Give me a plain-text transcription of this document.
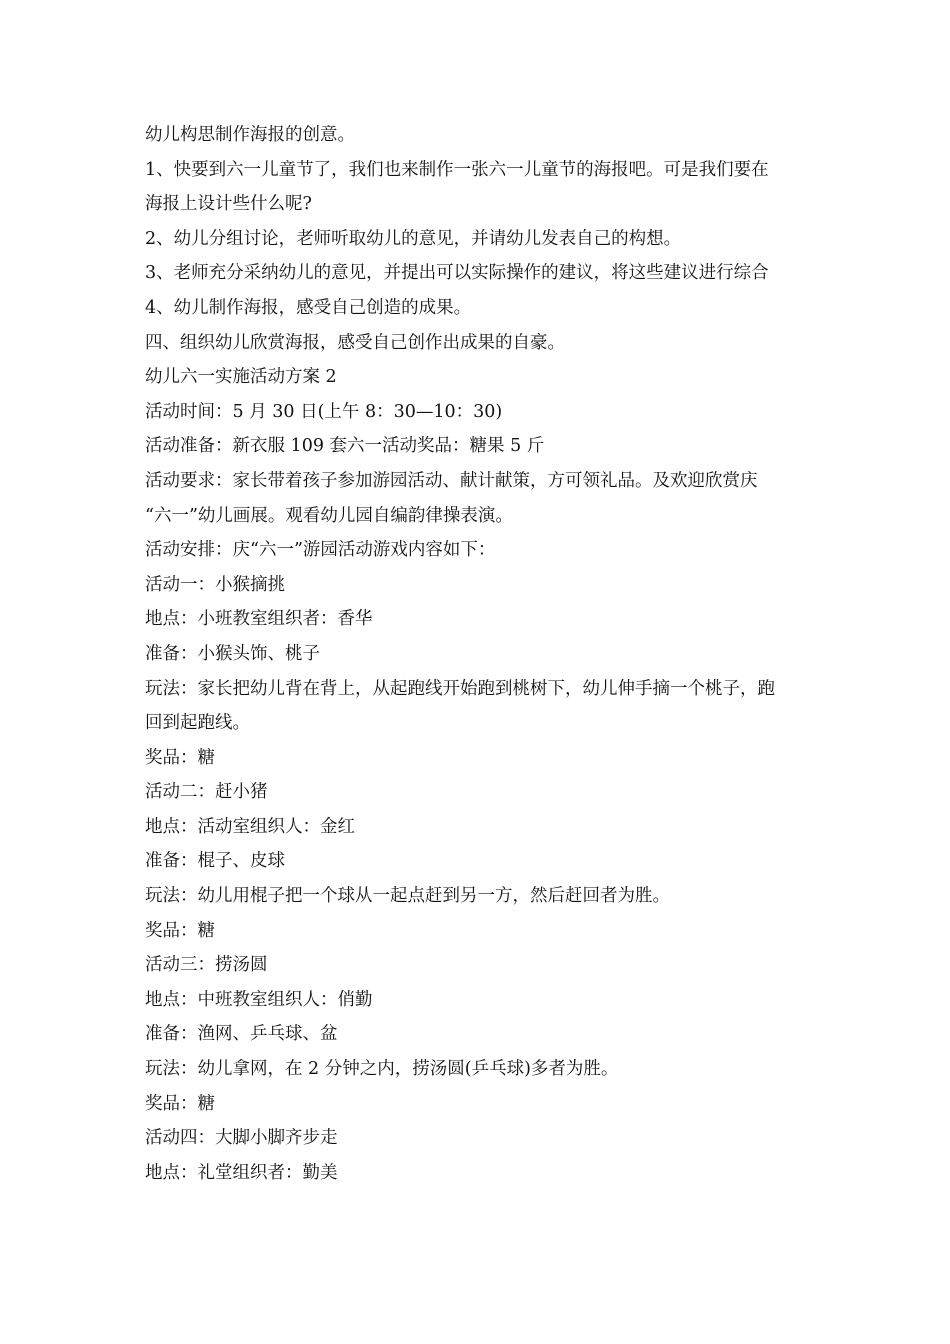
幼儿构思制作海报的创意。

1、快要到六一儿童节了，我们也来制作一张六一儿童节的海报吧。可是我们要在

海报上设计些什么呢?

2、幼儿分组讨论，老师听取幼儿的意见，并请幼儿发表自己的构想。

3、老师充分采纳幼儿的意见，并提出可以实际操作的建议，将这些建议进行综合

4、幼儿制作海报，感受自己创造的成果。

四、组织幼儿欣赏海报，感受自己创作出成果的自豪。

幼儿六一实施活动方案 2

活动时间：5 月 30 日(上午 8：30—10：30)

活动准备：新衣服 109 套六一活动奖品：糖果 5 斤

活动要求：家长带着孩子参加游园活动、献计献策，方可领礼品。及欢迎欣赏庆

“六一”幼儿画展。观看幼儿园自编韵律操表演。

活动安排：庆“六一”游园活动游戏内容如下：

活动一：小猴摘挑

地点：小班教室组织者：香华

准备：小猴头饰、桃子

玩法：家长把幼儿背在背上，从起跑线开始跑到桃树下，幼儿伸手摘一个桃子，跑

回到起跑线。

奖品：糖

活动二：赶小猪

地点：活动室组织人：金红

准备：棍子、皮球

玩法：幼儿用棍子把一个球从一起点赶到另一方，然后赶回者为胜。

奖品：糖

活动三：捞汤圆

地点：中班教室组织人：俏勤

准备：渔网、乒乓球、盆

玩法：幼儿拿网，在 2 分钟之内，捞汤圆(乒乓球)多者为胜。

奖品：糖

活动四：大脚小脚齐步走

地点：礼堂组织者：勤美
